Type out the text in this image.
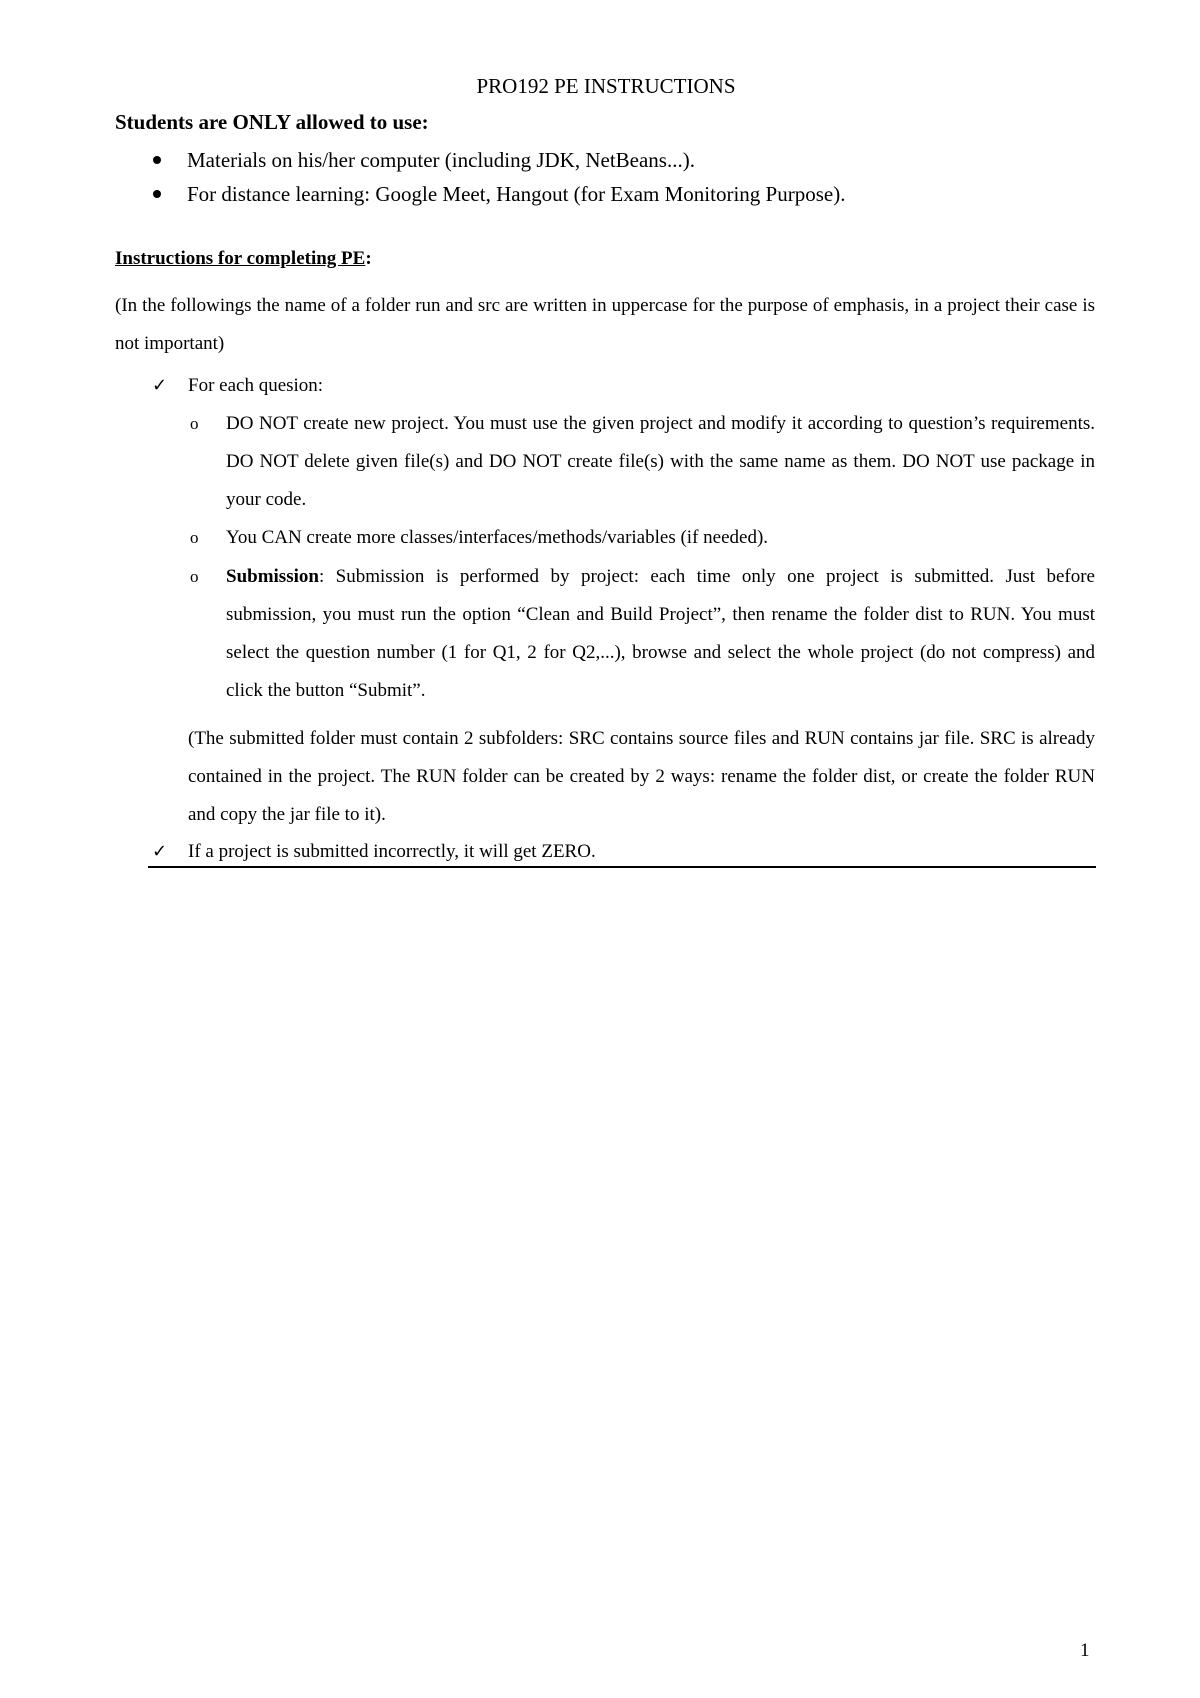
PRO192 PE INSTRUCTIONS
Students are ONLY allowed to use:
Materials on his/her computer (including JDK, NetBeans...).
For distance learning: Google Meet, Hangout (for Exam Monitoring Purpose).
Instructions for completing PE:
(In the followings the name of a folder run and src are written in uppercase for the purpose of emphasis, in a project their case is not important)
✓ For each quesion:
o DO NOT create new project. You must use the given project and modify it according to question’s requirements. DO NOT delete given file(s) and DO NOT create file(s) with the same name as them. DO NOT use package in your code.
o You CAN create more classes/interfaces/methods/variables (if needed).
o Submission: Submission is performed by project: each time only one project is submitted. Just before submission, you must run the option “Clean and Build Project”, then rename the folder dist to RUN. You must select the question number (1 for Q1, 2 for Q2,...), browse and select the whole project (do not compress) and click the button “Submit”.
(The submitted folder must contain 2 subfolders: SRC contains source files and RUN contains jar file. SRC is already contained in the project. The RUN folder can be created by 2 ways: rename the folder dist, or create the folder RUN and copy the jar file to it).
✓ If a project is submitted incorrectly, it will get ZERO.
1
